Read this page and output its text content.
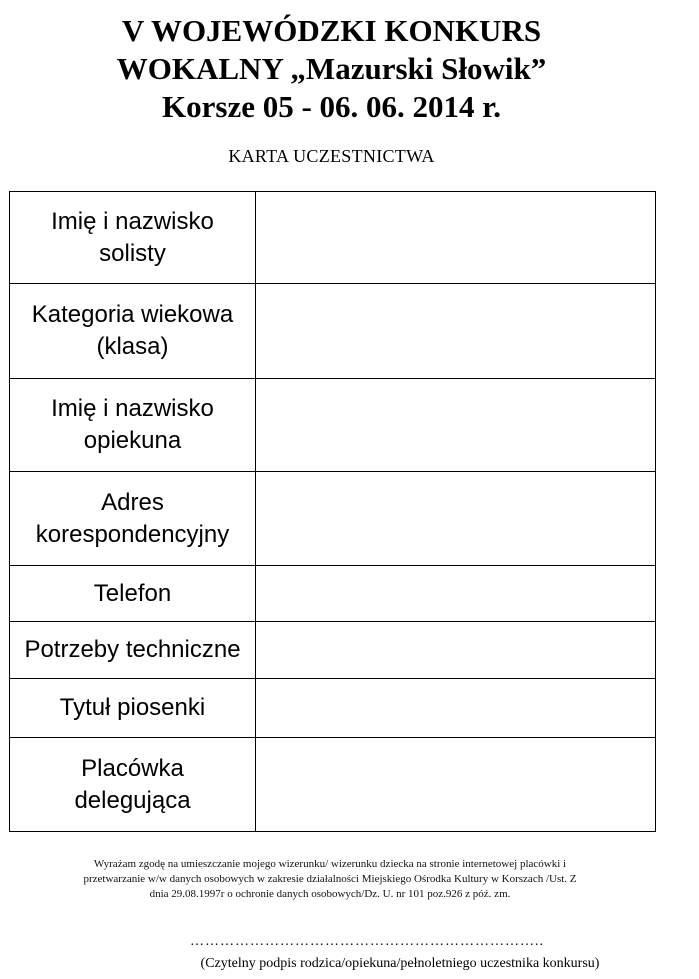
V WOJEWÓDZKI KONKURS
WOKALNY „Mazurski Słowik”
Korsze 05 - 06. 06. 2014 r.
KARTA UCZESTNICTWA
Imię i nazwisko
solisty	

Kategoria wiekowa
(klasa)	

Imię i nazwisko
opiekuna	

Adres
korespondencyjny	

Telefon	

Potrzeby techniczne	

Tytuł piosenki	

Placówka
delegująca	

Wyrażam zgodę na umieszczanie mojego wizerunku/ wizerunku dziecka na stronie internetowej placówki i
przetwarzanie w/w danych osobowych w zakresie działalności Miejskiego Ośrodka Kultury w Korszach /Ust. Z
dnia 29.08.1997r o ochronie danych osobowych/Dz. U. nr 101 poz.926 z póź. zm.
……………………………………………………………..
(Czytelny podpis rodzica/opiekuna/pełnoletniego uczestnika konkursu)
